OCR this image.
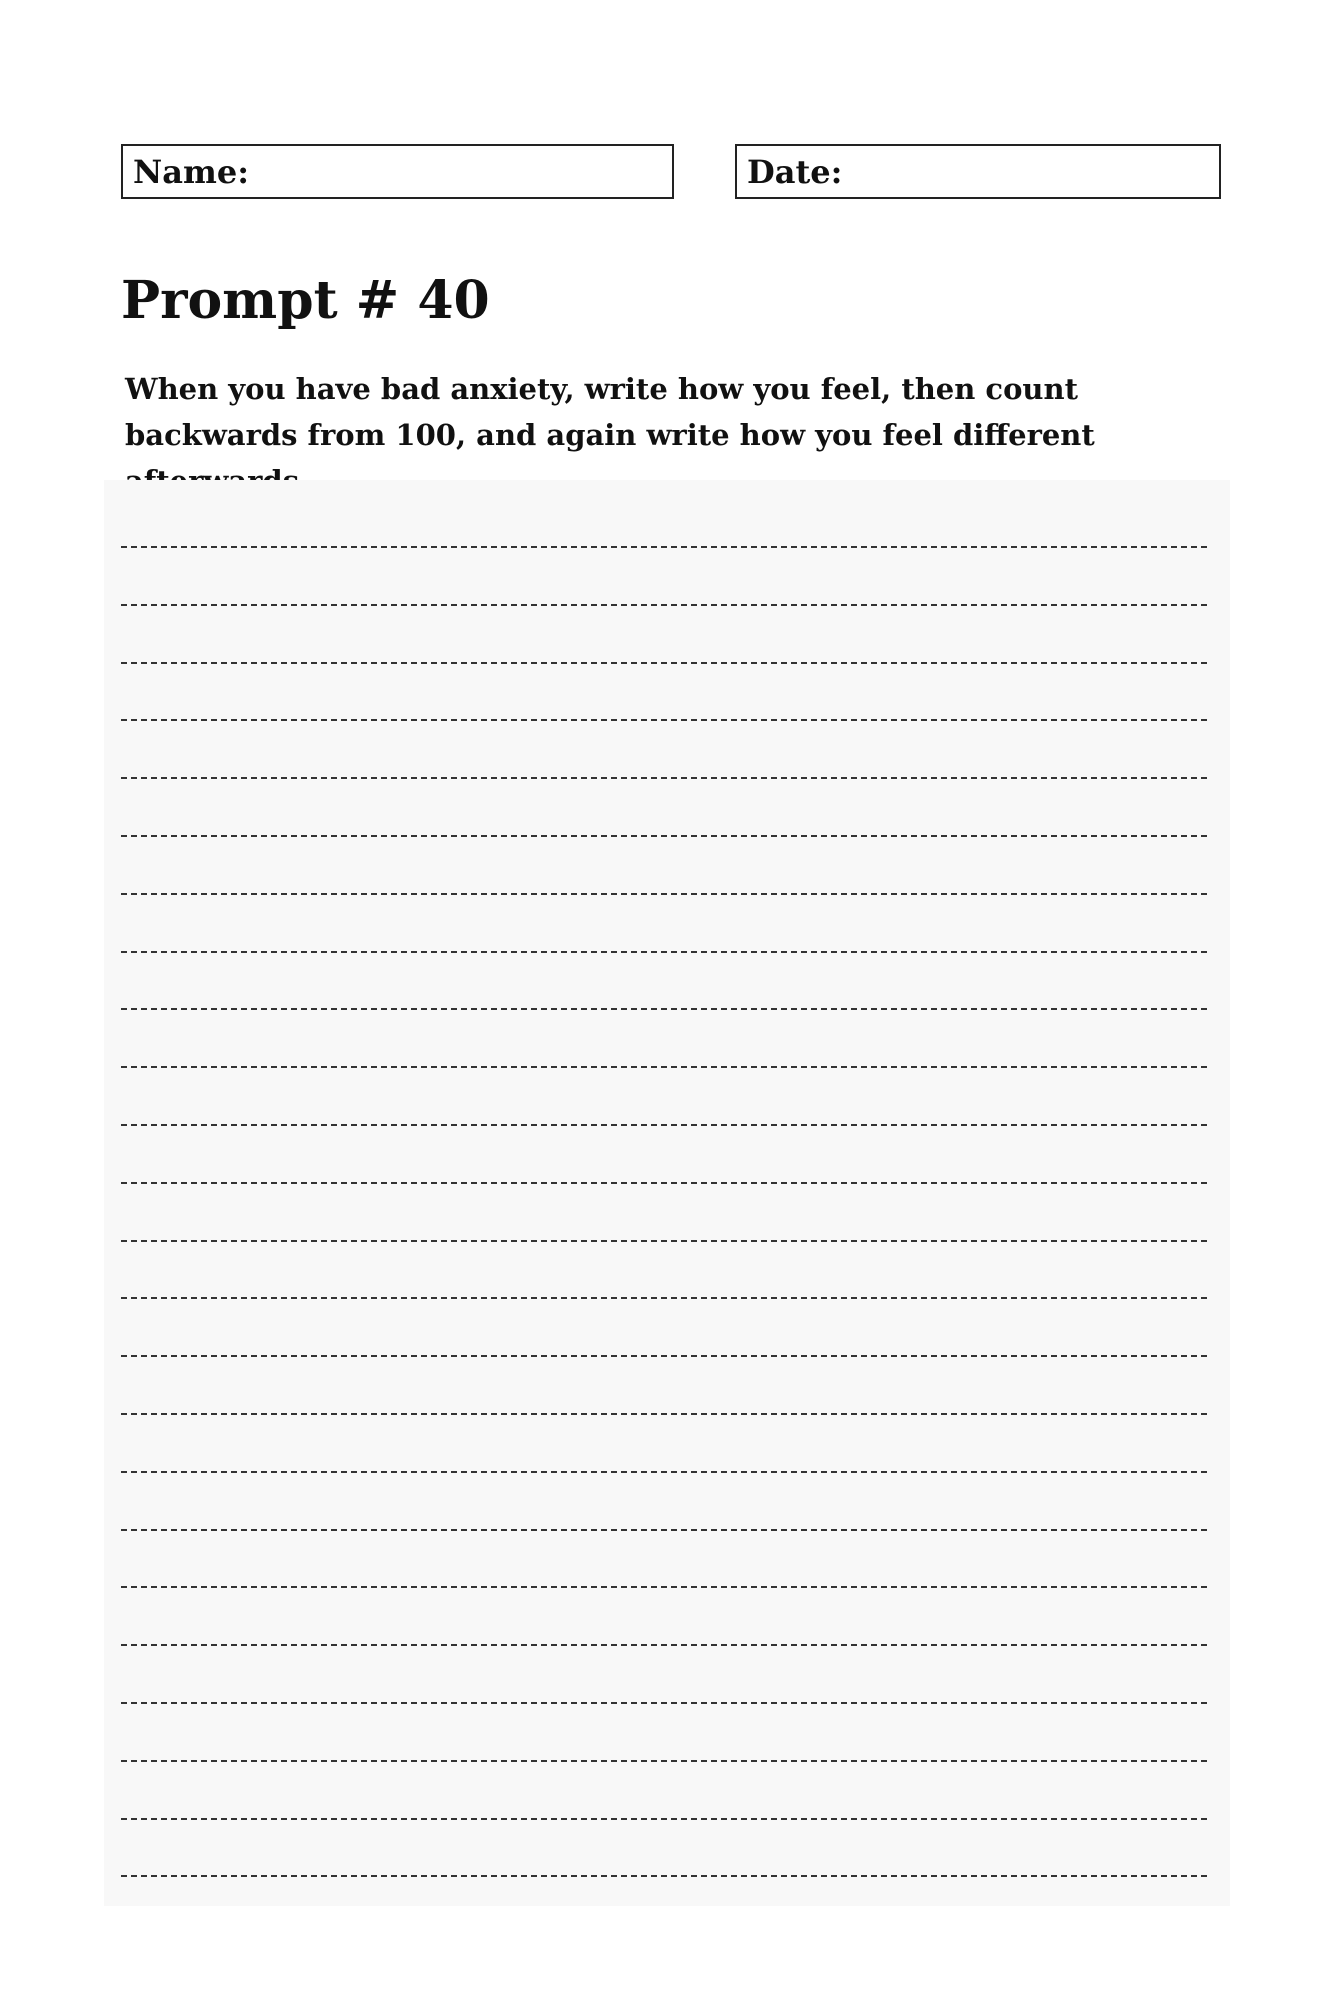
Name:	Date:
Prompt # 40

When you have bad anxiety, write how you feel, then count backwards from 100, and again write how you feel different
